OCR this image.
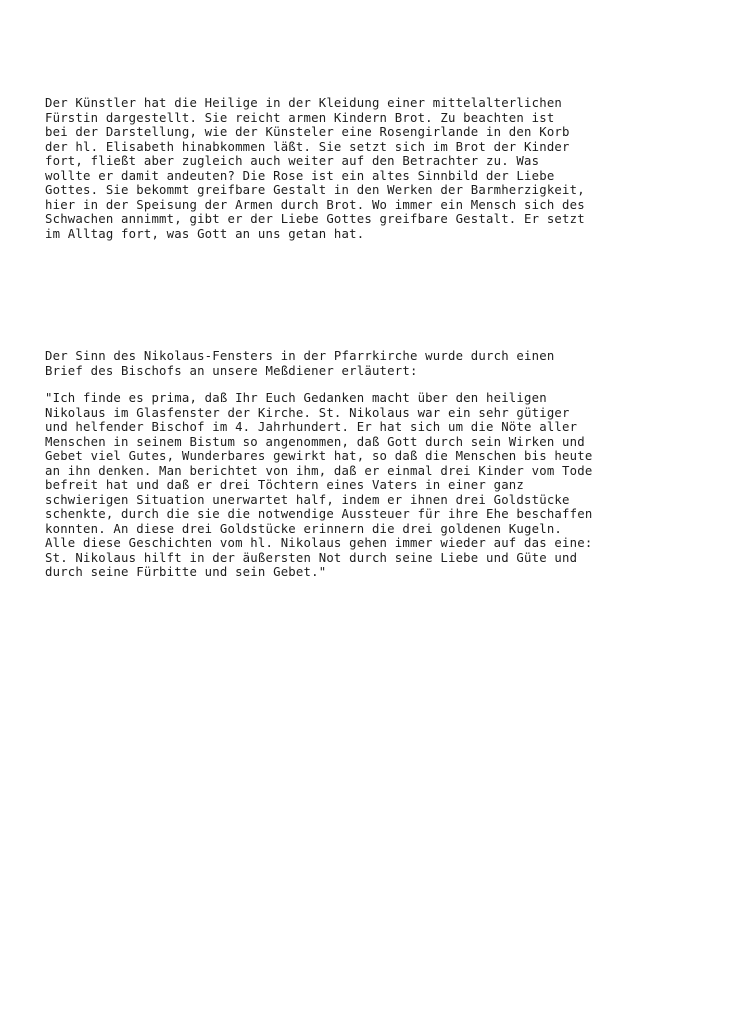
Der Künstler hat die Heilige in der Kleidung einer mittelalterlichen
Fürstin dargestellt. Sie reicht armen Kindern Brot. Zu beachten ist
bei der Darstellung, wie der Künsteler eine Rosengirlande in den Korb
der hl. Elisabeth hinabkommen läßt. Sie setzt sich im Brot der Kinder
fort, fließt aber zugleich auch weiter auf den Betrachter zu. Was
wollte er damit andeuten? Die Rose ist ein altes Sinnbild der Liebe
Gottes. Sie bekommt greifbare Gestalt in den Werken der Barmherzigkeit,
hier in der Speisung der Armen durch Brot. Wo immer ein Mensch sich des
Schwachen annimmt, gibt er der Liebe Gottes greifbare Gestalt. Er setzt
im Alltag fort, was Gott an uns getan hat.

Der Sinn des Nikolaus-Fensters in der Pfarrkirche wurde durch einen
Brief des Bischofs an unsere Meßdiener erläutert:

"Ich finde es prima, daß Ihr Euch Gedanken macht über den heiligen
Nikolaus im Glasfenster der Kirche. St. Nikolaus war ein sehr gütiger
und helfender Bischof im 4. Jahrhundert. Er hat sich um die Nöte aller
Menschen in seinem Bistum so angenommen, daß Gott durch sein Wirken und
Gebet viel Gutes, Wunderbares gewirkt hat, so daß die Menschen bis heute
an ihn denken. Man berichtet von ihm, daß er einmal drei Kinder vom Tode
befreit hat und daß er drei Töchtern eines Vaters in einer ganz
schwierigen Situation unerwartet half, indem er ihnen drei Goldstücke
schenkte, durch die sie die notwendige Aussteuer für ihre Ehe beschaffen
konnten. An diese drei Goldstücke erinnern die drei goldenen Kugeln.
Alle diese Geschichten vom hl. Nikolaus gehen immer wieder auf das eine:
St. Nikolaus hilft in der äußersten Not durch seine Liebe und Güte und
durch seine Fürbitte und sein Gebet."
